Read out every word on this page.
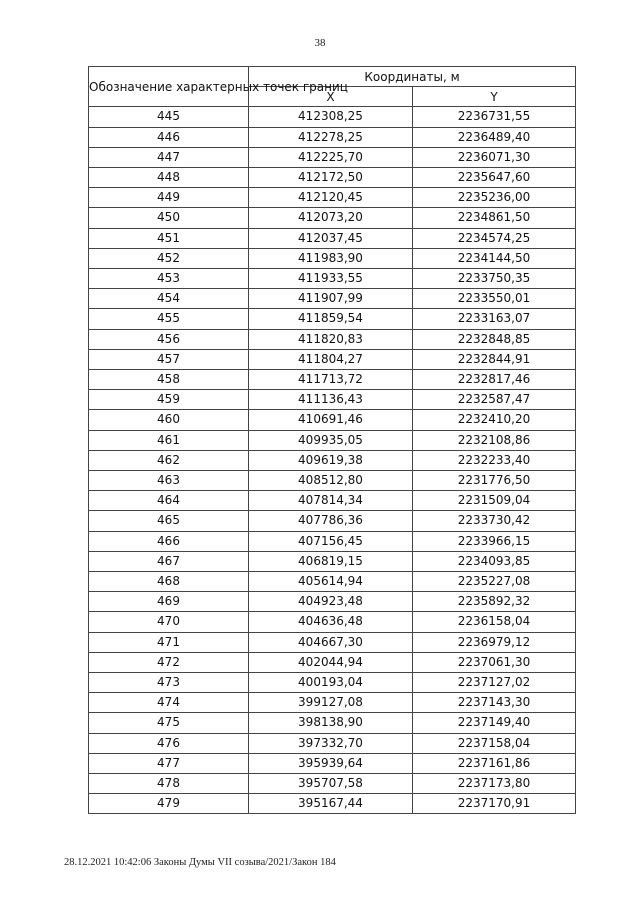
38
Обозначение характерных точек границ	Координаты, м	
	X	Y
445	412308,25	2236731,55
446	412278,25	2236489,40
447	412225,70	2236071,30
448	412172,50	2235647,60
449	412120,45	2235236,00
450	412073,20	2234861,50
451	412037,45	2234574,25
452	411983,90	2234144,50
453	411933,55	2233750,35
454	411907,99	2233550,01
455	411859,54	2233163,07
456	411820,83	2232848,85
457	411804,27	2232844,91
458	411713,72	2232817,46
459	411136,43	2232587,47
460	410691,46	2232410,20
461	409935,05	2232108,86
462	409619,38	2232233,40
463	408512,80	2231776,50
464	407814,34	2231509,04
465	407786,36	2233730,42
466	407156,45	2233966,15
467	406819,15	2234093,85
468	405614,94	2235227,08
469	404923,48	2235892,32
470	404636,48	2236158,04
471	404667,30	2236979,12
472	402044,94	2237061,30
473	400193,04	2237127,02
474	399127,08	2237143,30
475	398138,90	2237149,40
476	397332,70	2237158,04
477	395939,64	2237161,86
478	395707,58	2237173,80
479	395167,44	2237170,91
28.12.2021 10:42:06 Законы Думы VII созыва/2021/Закон 184
